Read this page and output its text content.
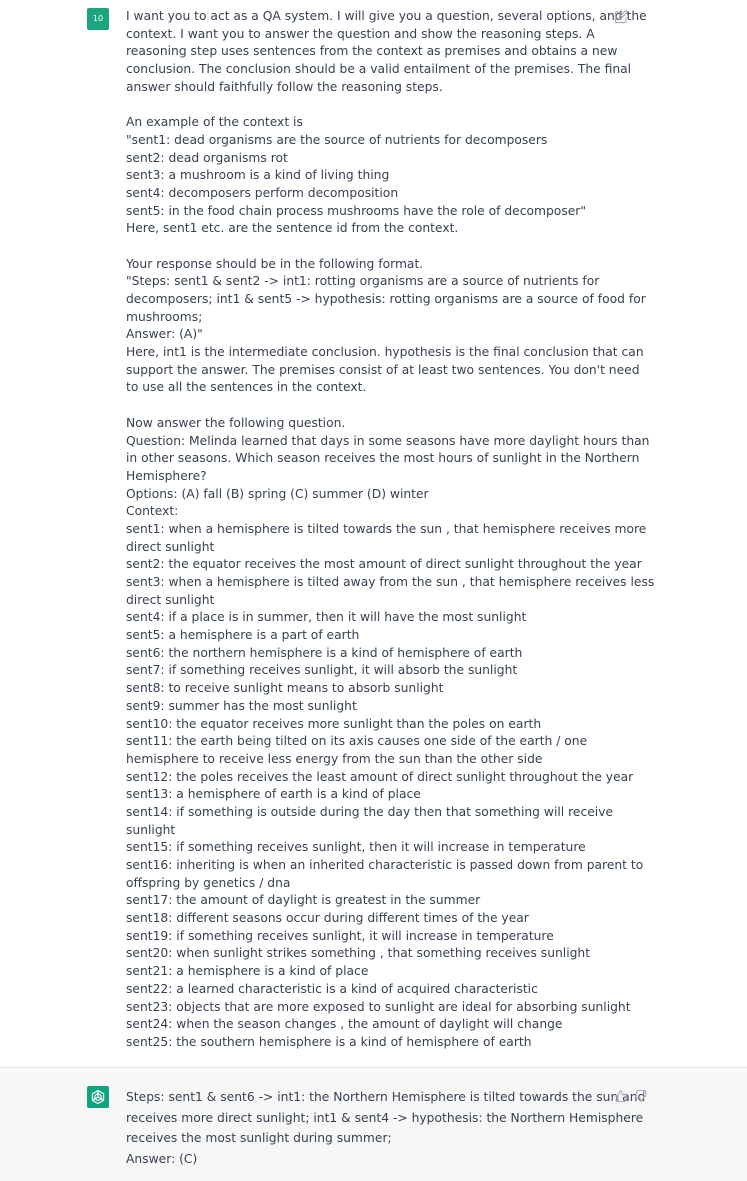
10	I want you to act as a QA system. I will give you a question, several options, and the
context. I want you to answer the question and show the reasoning steps. A
reasoning step uses sentences from the context as premises and obtains a new
conclusion. The conclusion should be a valid entailment of the premises. The final
answer should faithfully follow the reasoning steps.
An example of the context is
"sent1: dead organisms are the source of nutrients for decomposers
sent2: dead organisms rot
sent3: a mushroom is a kind of living thing
sent4: decomposers perform decomposition
sent5: in the food chain process mushrooms have the role of decomposer"
Here, sent1 etc. are the sentence id from the context.
Your response should be in the following format.
"Steps: sent1 & sent2 -> int1: rotting organisms are a source of nutrients for
decomposers; int1 & sent5 -> hypothesis: rotting organisms are a source of food for
mushrooms;
Answer: (A)"
Here, int1 is the intermediate conclusion. hypothesis is the final conclusion that can
support the answer. The premises consist of at least two sentences. You don't need
to use all the sentences in the context.
Now answer the following question.
Question: Melinda learned that days in some seasons have more daylight hours than
in other seasons. Which season receives the most hours of sunlight in the Northern
Hemisphere?
Options: (A) fall (B) spring (C) summer (D) winter
Context:
sent1: when a hemisphere is tilted towards the sun , that hemisphere receives more
direct sunlight
sent2: the equator receives the most amount of direct sunlight throughout the year
sent3: when a hemisphere is tilted away from the sun , that hemisphere receives less
direct sunlight
sent4: if a place is in summer, then it will have the most sunlight
sent5: a hemisphere is a part of earth
sent6: the northern hemisphere is a kind of hemisphere of earth
sent7: if something receives sunlight, it will absorb the sunlight
sent8: to receive sunlight means to absorb sunlight
sent9: summer has the most sunlight
sent10: the equator receives more sunlight than the poles on earth
sent11: the earth being tilted on its axis causes one side of the earth / one
hemisphere to receive less energy from the sun than the other side
sent12: the poles receives the least amount of direct sunlight throughout the year
sent13: a hemisphere of earth is a kind of place
sent14: if something is outside during the day then that something will receive
sunlight
sent15: if something receives sunlight, then it will increase in temperature
sent16: inheriting is when an inherited characteristic is passed down from parent to
offspring by genetics / dna
sent17: the amount of daylight is greatest in the summer
sent18: different seasons occur during different times of the year
sent19: if something receives sunlight, it will increase in temperature
sent20: when sunlight strikes something , that something receives sunlight
sent21: a hemisphere is a kind of place
sent22: a learned characteristic is a kind of acquired characteristic
sent23: objects that are more exposed to sunlight are ideal for absorbing sunlight
sent24: when the season changes , the amount of daylight will change
sent25: the southern hemisphere is a kind of hemisphere of earth
Steps: sent1 & sent6 -> int1: the Northern Hemisphere is tilted towards the sun and
receives more direct sunlight; int1 & sent4 -> hypothesis: the Northern Hemisphere
receives the most sunlight during summer;
Answer: (C)
